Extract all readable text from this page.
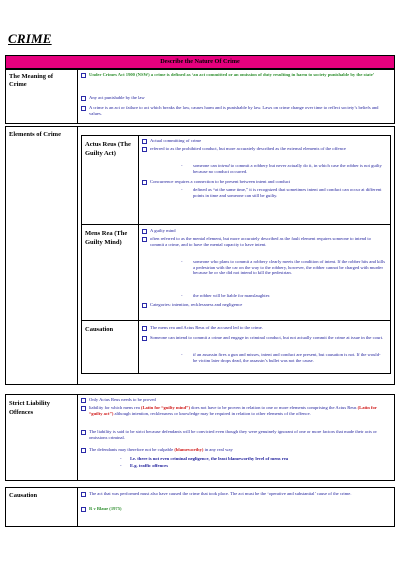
CRIME
Describe the Nature Of Crime
The Meaning of Crime
Under Crimes Act 1900 (NSW) a crime is defined as ‘an act committed or an omission of duty resulting in harm to society punishable by the state’
Any act punishable by the law
A crime is an act or failure to act which breaks the law, causes harm and is punishable by law. Laws on crime change over time to reflect society’s beliefs and values.
Elements of Crime
Actus Reus (The Guilty Act)
Actual committing of crime
referred to as the prohibited conduct, but more accurately described as the external elements of the offence
- someone can intend to commit a robbery but never actually do it, in which case the robber is not guilty because no conduct occurred.
Concurrence requires a connection to be present between intent and conduct
- defined as “at the same time,” it is recognized that sometimes intent and conduct can occur at different points in time and someone can still be guilty.
Mens Rea (The Guilty Mind)
A guilty mind
often referred to as the mental element, but more accurately described as the fault element requires someone to intend to commit a crime, and to have the mental capacity to have intent.
- someone who plans to commit a robbery clearly meets the condition of intent. If the robber hits and kills a pedestrian with the car on the way to the robbery, however, the robber cannot be charged with murder because he or she did not intend to kill the pedestrian.
- the robber will be liable for manslaughter.
Categories: intention, recklessness and negligence
Causation	The mens rea and Actus Reus of the accused led to the crime.
Someone can intend to commit a crime and engage in criminal conduct, but not actually commit the crime at issue in the court.
- if an assassin fires a gun and misses, intent and conduct are present, but causation is not. If the would-be victim later drops dead, the assassin’s bullet was not the cause.
Strict Liability Offences
Only Actus Reus needs to be proved
liability for which mens rea (Latin for “guilty mind”) does not have to be proven in relation to one or more elements comprising the Actus Reus (Latin for “guilty act”) although intention, recklessness or knowledge may be required in relation to other elements of the offence.
The liability is said to be strict because defendants will be convicted even though they were genuinely ignorant of one or more factors that made their acts or omissions criminal.
The defendants may therefore not be culpable (blameworthy) in any real way
- I.e. there is not even criminal negligence, the least blameworthy level of mens rea
- E.g. traffic offences
Causation	The act that was performed must also have caused the crime that took place. The act must be the ‘operative and substantial’ cause of the crime.
R v Blaue (1975)
